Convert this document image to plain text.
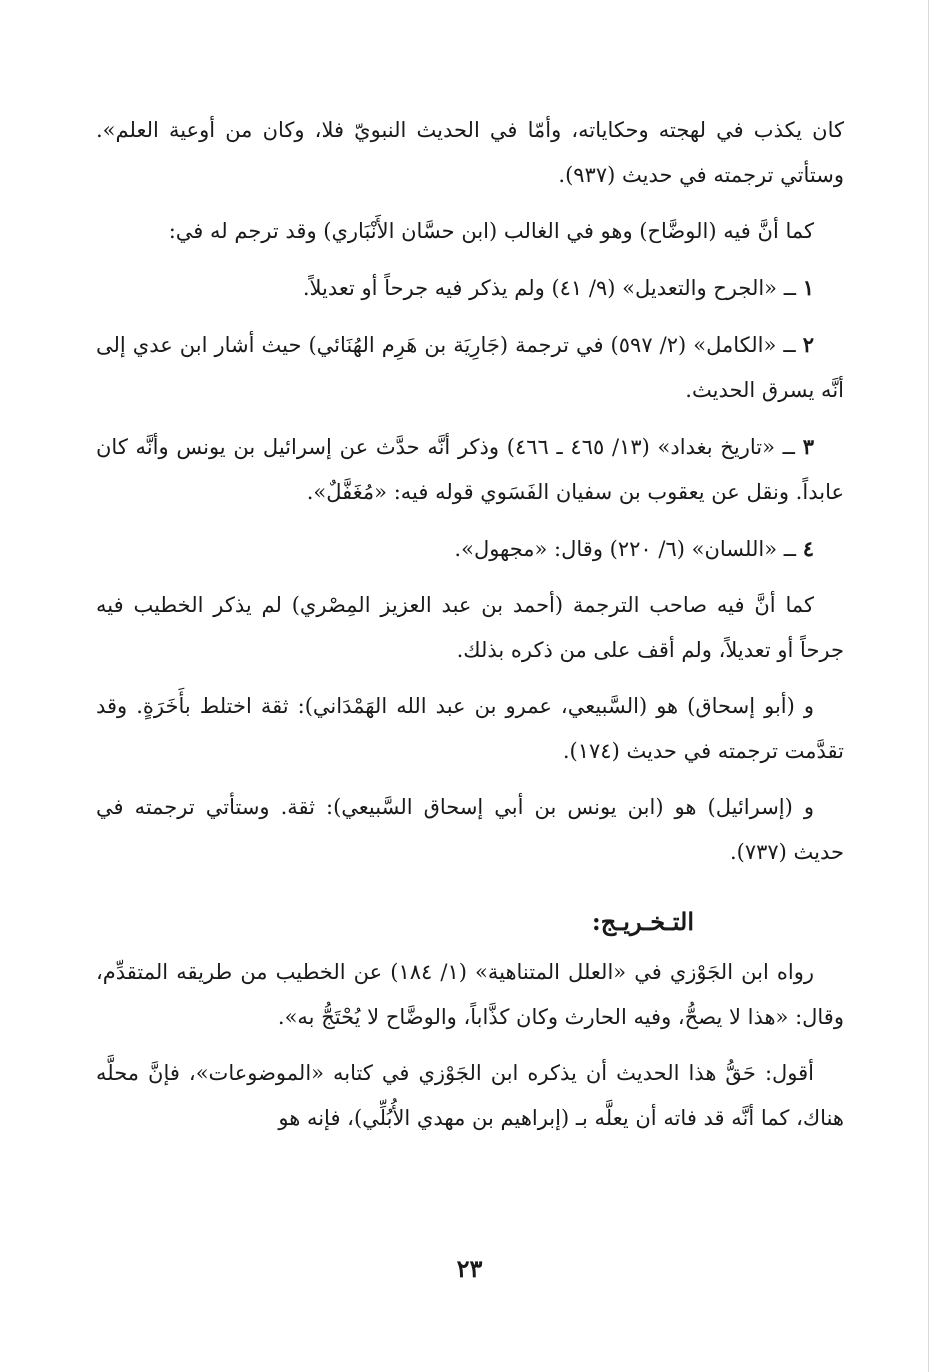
كان يكذب في لهجته وحكاياته، وأمّا في الحديث النبويّ فلا، وكان من أوعية العلم». وستأتي ترجمته في حديث (٩٣٧).

كما أنَّ فيه (الوضَّاح) وهو في الغالب (ابن حسَّان الأَنْبَاري) وقد ترجم له في:

١ ــ «الجرح والتعديل» (٩/ ٤١) ولم يذكر فيه جرحاً أو تعديلاً.

٢ ــ «الكامل» (٢/ ٥٩٧) في ترجمة (جَارِيَة بن هَرِم الهُنَائي) حيث أشار ابن عدي إلى أنَّه يسرق الحديث.

٣ ــ «تاريخ بغداد» (١٣/ ٤٦٥ ـ ٤٦٦) وذكر أنَّه حدَّث عن إسرائيل بن يونس وأنَّه كان عابداً. ونقل عن يعقوب بن سفيان الفَسَوي قوله فيه: «مُغَفَّلٌ».

٤ ــ «اللسان» (٦/ ٢٢٠) وقال: «مجهول».

كما أنَّ فيه صاحب الترجمة (أحمد بن عبد العزيز المِصْري) لم يذكر الخطيب فيه جرحاً أو تعديلاً، ولم أقف على من ذكره بذلك.

و (أبو إسحاق) هو (السَّبيعي، عمرو بن عبد الله الهَمْدَاني): ثقة اختلط بأَخَرَةٍ. وقد تقدَّمت ترجمته في حديث (١٧٤).

و (إسرائيل) هو (ابن يونس بن أبي إسحاق السَّبيعي): ثقة. وستأتي ترجمته في حديث (٧٣٧).

التـخـريـج:

رواه ابن الجَوْزي في «العلل المتناهية» (١/ ١٨٤) عن الخطيب من طريقه المتقدِّم، وقال: «هذا لا يصحُّ، وفيه الحارث وكان كذَّاباً، والوضَّاح لا يُحْتَجُّ به».

أقول: حَقُّ هذا الحديث أن يذكره ابن الجَوْزي في كتابه «الموضوعات»، فإنَّ محلَّه هناك، كما أنَّه قد فاته أن يعلَّه بـ (إبراهيم بن مهدي الأُبُلِّي)، فإنه هو

٢٣
